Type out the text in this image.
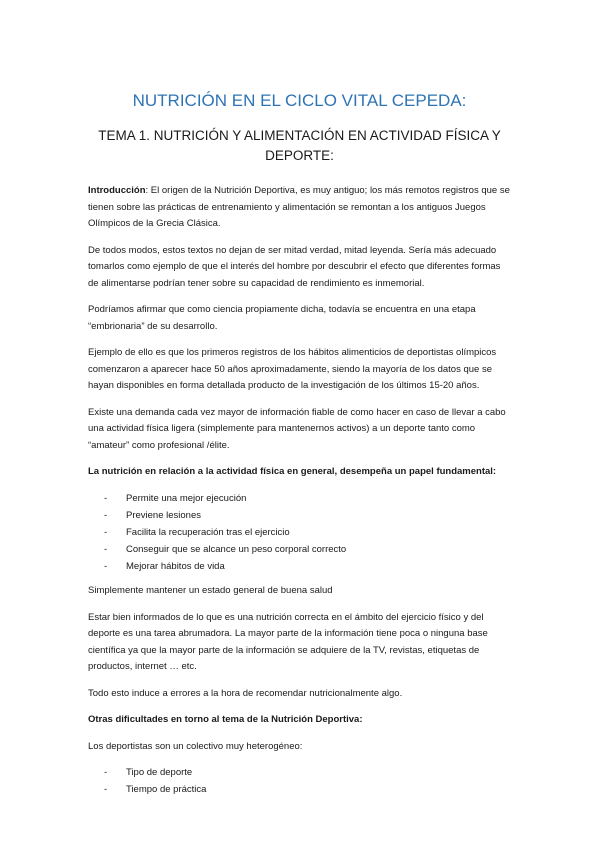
NUTRICIÓN EN EL CICLO VITAL CEPEDA:
TEMA 1. NUTRICIÓN Y ALIMENTACIÓN EN ACTIVIDAD FÍSICA Y DEPORTE:

Introducción: El origen de la Nutrición Deportiva, es muy antiguo; los más remotos registros que se tienen sobre las prácticas de entrenamiento y alimentación se remontan a los antiguos Juegos Olímpicos de la Grecia Clásica.

De todos modos, estos textos no dejan de ser mitad verdad, mitad leyenda. Sería más adecuado tomarlos como ejemplo de que el interés del hombre por descubrir el efecto que diferentes formas de alimentarse podrían tener sobre su capacidad de rendimiento es inmemorial.

Podríamos afirmar que como ciencia propiamente dicha, todavía se encuentra en una etapa “embrionaria” de su desarrollo.

Ejemplo de ello es que los primeros registros de los hábitos alimenticios de deportistas olímpicos comenzaron a aparecer hace 50 años aproximadamente, siendo la mayoría de los datos que se hayan disponibles en forma detallada producto de la investigación de los últimos 15-20 años.

Existe una demanda cada vez mayor de información fiable de como hacer en caso de llevar a cabo una actividad física ligera (simplemente para mantenernos activos) a un deporte tanto como “amateur” como profesional /élite.

La nutrición en relación a la actividad física en general, desempeña un papel fundamental:

- Permite una mejor ejecución
- Previene lesiones
- Facilita la recuperación tras el ejercicio
- Conseguir que se alcance un peso corporal correcto
- Mejorar hábitos de vida

Simplemente mantener un estado general de buena salud

Estar bien informados de lo que es una nutrición correcta en el ámbito del ejercicio físico y del deporte es una tarea abrumadora. La mayor parte de la información tiene poca o ninguna base científica ya que la mayor parte de la información se adquiere de la TV, revistas, etiquetas de productos, internet … etc.

Todo esto induce a errores a la hora de recomendar nutricionalmente algo.

Otras dificultades en torno al tema de la Nutrición Deportiva:

Los deportistas son un colectivo muy heterogéneo:

- Tipo de deporte
- Tiempo de práctica
